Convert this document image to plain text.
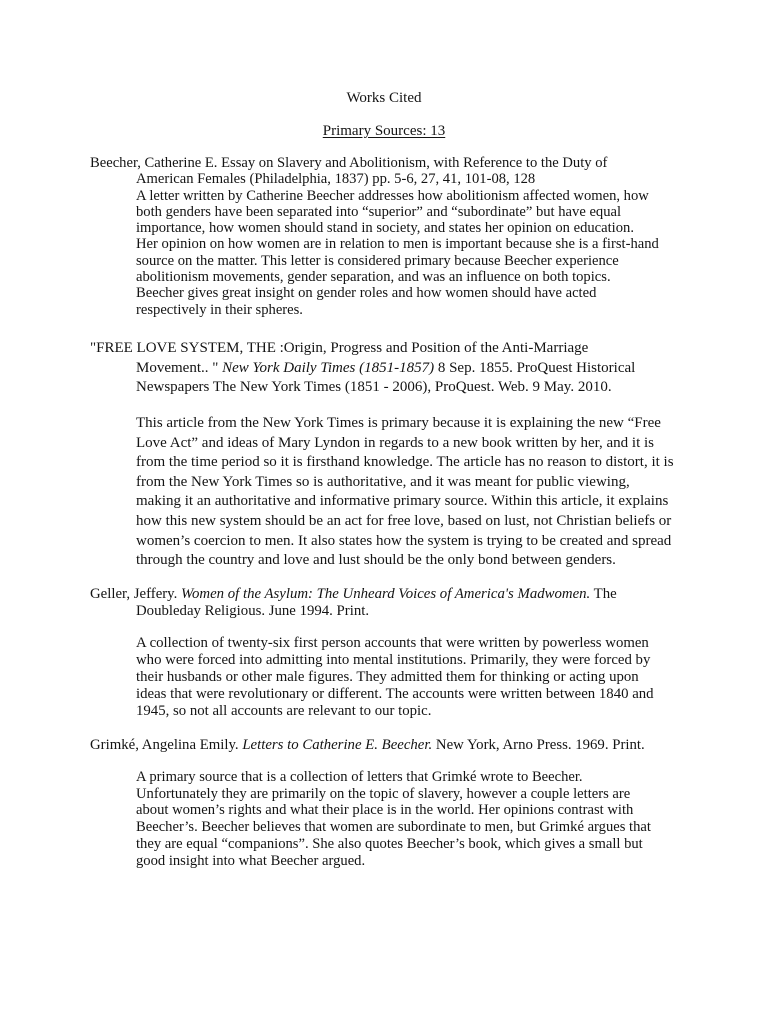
Works Cited
Primary Sources: 13
Beecher, Catherine E. Essay on Slavery and Abolitionism, with Reference to the Duty of
American Females (Philadelphia, 1837) pp. 5-6, 27, 41, 101-08, 128
A letter written by Catherine Beecher addresses how abolitionism affected women, how
both genders have been separated into “superior” and “subordinate” but have equal
importance, how women should stand in society, and states her opinion on education.
Her opinion on how women are in relation to men is important because she is a first-hand
source on the matter. This letter is considered primary because Beecher experience
abolitionism movements, gender separation, and was an influence on both topics.
Beecher gives great insight on gender roles and how women should have acted
respectively in their spheres.
"FREE LOVE SYSTEM, THE :Origin, Progress and Position of the Anti-Marriage
Movement.. " New York Daily Times (1851-1857) 8 Sep. 1855. ProQuest Historical
Newspapers The New York Times (1851 - 2006), ProQuest. Web. 9 May. 2010.
This article from the New York Times is primary because it is explaining the new “Free
Love Act” and ideas of Mary Lyndon in regards to a new book written by her, and it is
from the time period so it is firsthand knowledge. The article has no reason to distort, it is
from the New York Times so is authoritative, and it was meant for public viewing,
making it an authoritative and informative primary source. Within this article, it explains
how this new system should be an act for free love, based on lust, not Christian beliefs or
women’s coercion to men. It also states how the system is trying to be created and spread
through the country and love and lust should be the only bond between genders.
Geller, Jeffery. Women of the Asylum: The Unheard Voices of America's Madwomen. The
Doubleday Religious. June 1994. Print.
A collection of twenty-six first person accounts that were written by powerless women
who were forced into admitting into mental institutions. Primarily, they were forced by
their husbands or other male figures. They admitted them for thinking or acting upon
ideas that were revolutionary or different. The accounts were written between 1840 and
1945, so not all accounts are relevant to our topic.
Grimké, Angelina Emily. Letters to Catherine E. Beecher. New York, Arno Press. 1969. Print.
A primary source that is a collection of letters that Grimké wrote to Beecher.
Unfortunately they are primarily on the topic of slavery, however a couple letters are
about women’s rights and what their place is in the world. Her opinions contrast with
Beecher’s. Beecher believes that women are subordinate to men, but Grimké argues that
they are equal “companions”. She also quotes Beecher’s book, which gives a small but
good insight into what Beecher argued.
